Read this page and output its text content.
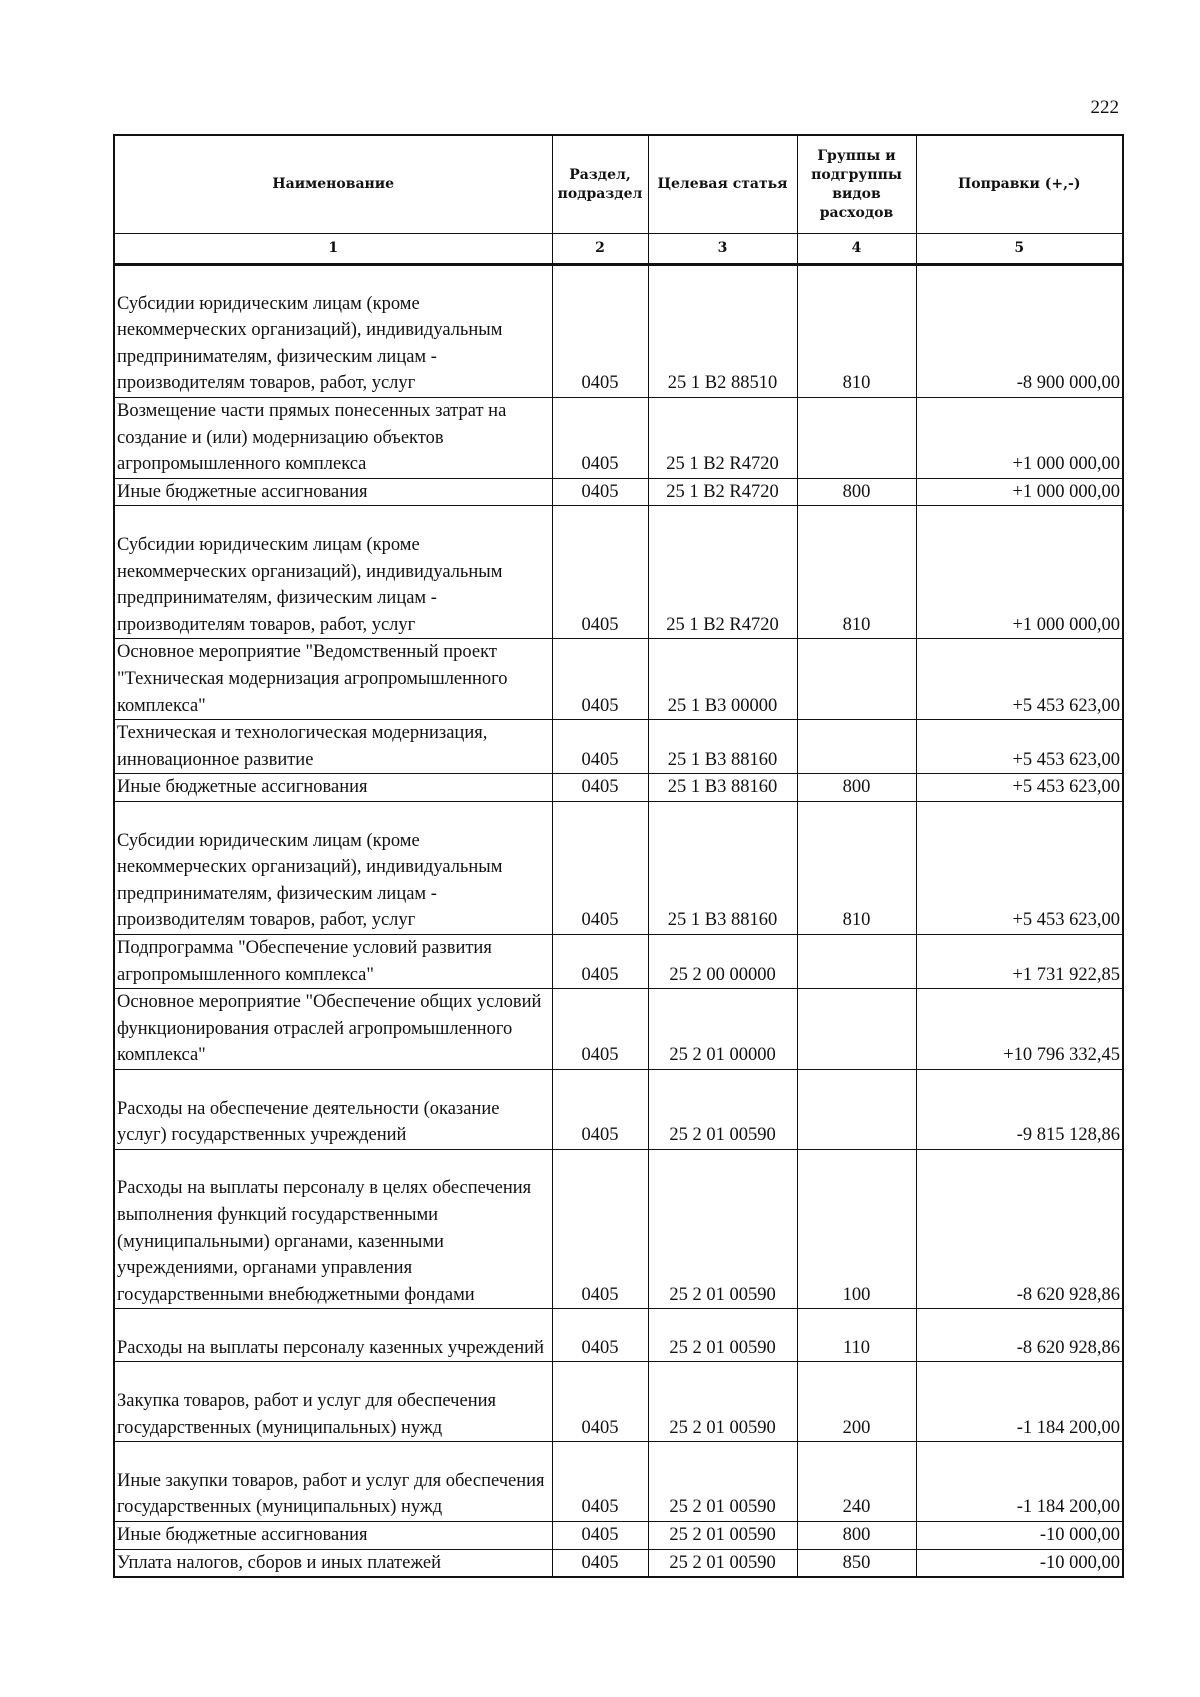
222
Наименование	Раздел, подраздел	Целевая статья	Группы и подгруппы видов расходов	Поправки (+,-)
1	2	3	4	5
Субсидии юридическим лицам (кроме некоммерческих организаций), индивидуальным предпринимателям, физическим лицам - производителям товаров, работ, услуг	0405	25 1 В2 88510	810	-8 900 000,00
Возмещение части прямых понесенных затрат на создание и (или) модернизацию объектов агропромышленного комплекса	0405	25 1 В2 R4720		+1 000 000,00
Иные бюджетные ассигнования	0405	25 1 В2 R4720	800	+1 000 000,00
Субсидии юридическим лицам (кроме некоммерческих организаций), индивидуальным предпринимателям, физическим лицам - производителям товаров, работ, услуг	0405	25 1 В2 R4720	810	+1 000 000,00
Основное мероприятие "Ведомственный проект "Техническая модернизация агропромышленного комплекса"	0405	25 1 В3 00000		+5 453 623,00
Техническая и технологическая модернизация, инновационное развитие	0405	25 1 В3 88160		+5 453 623,00
Иные бюджетные ассигнования	0405	25 1 В3 88160	800	+5 453 623,00
Субсидии юридическим лицам (кроме некоммерческих организаций), индивидуальным предпринимателям, физическим лицам - производителям товаров, работ, услуг	0405	25 1 В3 88160	810	+5 453 623,00
Подпрограмма "Обеспечение условий развития агропромышленного комплекса"	0405	25 2 00 00000		+1 731 922,85
Основное мероприятие "Обеспечение общих условий функционирования отраслей агропромышленного комплекса"	0405	25 2 01 00000		+10 796 332,45
Расходы на обеспечение деятельности (оказание услуг) государственных учреждений	0405	25 2 01 00590		-9 815 128,86
Расходы на выплаты персоналу в целях обеспечения выполнения функций государственными (муниципальными) органами, казенными учреждениями, органами управления государственными внебюджетными фондами	0405	25 2 01 00590	100	-8 620 928,86
Расходы на выплаты персоналу казенных учреждений	0405	25 2 01 00590	110	-8 620 928,86
Закупка товаров, работ и услуг для обеспечения государственных (муниципальных) нужд	0405	25 2 01 00590	200	-1 184 200,00
Иные закупки товаров, работ и услуг для обеспечения государственных (муниципальных) нужд	0405	25 2 01 00590	240	-1 184 200,00
Иные бюджетные ассигнования	0405	25 2 01 00590	800	-10 000,00
Уплата налогов, сборов и иных платежей	0405	25 2 01 00590	850	-10 000,00
